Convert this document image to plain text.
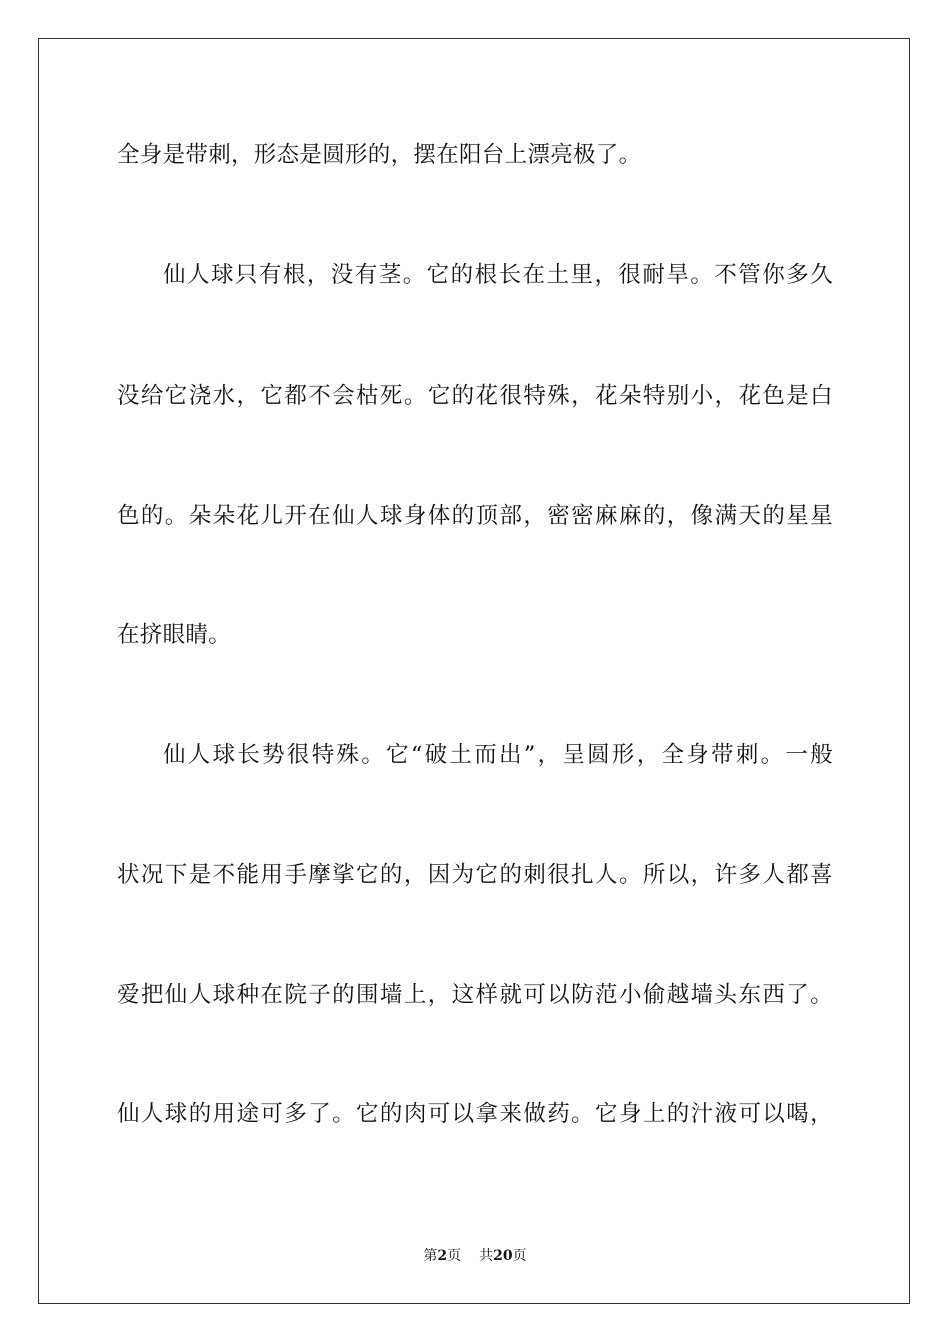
全身是带刺，形态是圆形的，摆在阳台上漂亮极了。
仙人球只有根，没有茎。它的根长在土里，很耐旱。不管你多久
没给它浇水，它都不会枯死。它的花很特殊，花朵特别小，花色是白
色的。朵朵花儿开在仙人球身体的顶部，密密麻麻的，像满天的星星
在挤眼睛。
仙人球长势很特殊。它“破土而出”，呈圆形，全身带刺。一般
状况下是不能用手摩挲它的，因为它的刺很扎人。所以，许多人都喜
爱把仙人球种在院子的围墙上，这样就可以防范小偷越墙头东西了。
仙人球的用途可多了。它的肉可以拿来做药。它身上的汁液可以喝，
第2页 共20页
